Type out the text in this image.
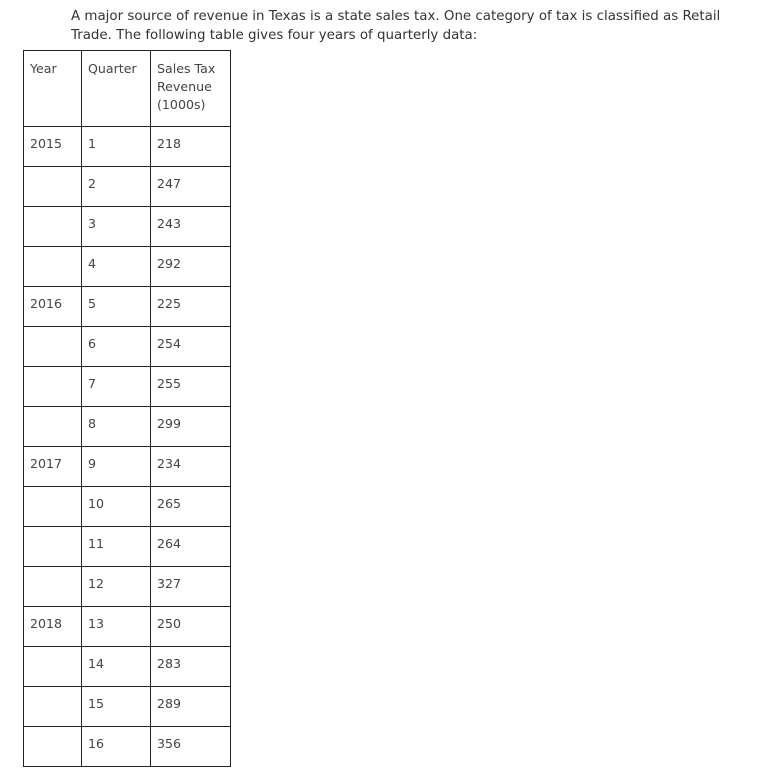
A major source of revenue in Texas is a state sales tax. One category of tax is classified as Retail Trade. The following table gives four years of quarterly data:

Year	Quarter	Sales Tax Revenue (1000s)

2015	1	218
	2	247
	3	243
	4	292
2016	5	225
	6	254
	7	255
	8	299
2017	9	234
	10	265
	11	264
	12	327
2018	13	250
	14	283
	15	289
	16	356
